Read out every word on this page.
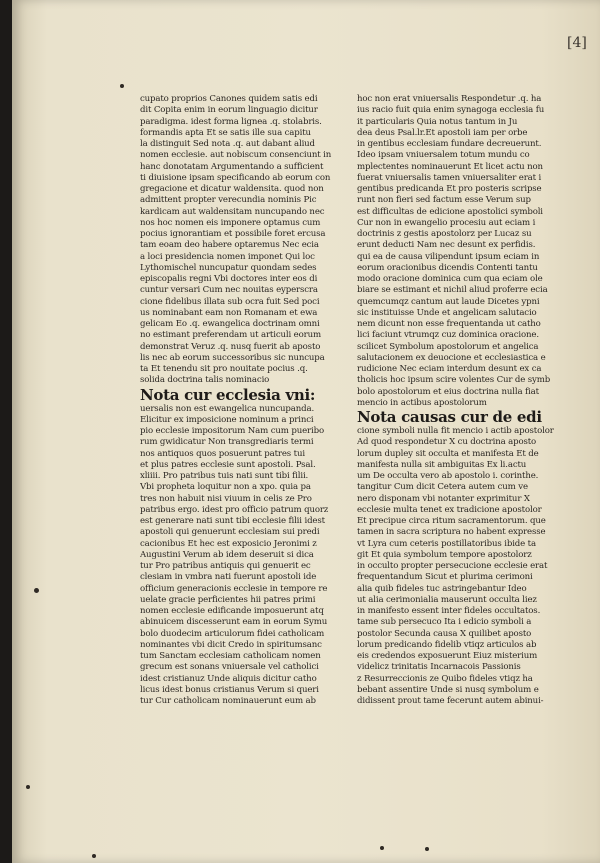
[4]
cupato proprios Canones quidem satis edi
dit Copita enim in eorum linguagio dicitur
paradigma. idest forma lignea .q. stolabris.
formandis apta Et se satis ille sua capitu
la distinguit Sed nota .q. aut dabant aliud
nomen ecclesie. aut nobiscum consenciunt in
hanc donotatam Argumentando a sufficient
ti diuisione ipsam specificando ab eorum con
gregacione et dicatur waldensita. quod non
admittent propter verecundia nominis Pic
kardicam aut waldensitam nuncupando nec
nos hoc nomen eis imponere optamus cum
pocius ignorantiam et possibile foret ercusa
tam eoam deo habere optaremus Nec ecia
a loci presidencia nomen imponet Qui loc
Lythomischel nuncupatur quondam sedes
episcopalis regni Vbi doctores inter eos di
cuntur versari Cum nec nouitas eyperscra
cione fidelibus illata sub ocra fuit Sed poci
us nominabant eam non Romanam et ewa
gelicam Eo .q. ewangelica doctrinam omni
no estimant preferendam ut articuli eorum
demonstrat Veruz .q. nusq fuerit ab aposto
lis nec ab eorum successoribus sic nuncupa
ta Et tenendu sit pro nouitate pocius .q.
solida doctrina talis nominacio
Nota cur ecclesia vni:
uersalis non est ewangelica nuncupanda.
Elicitur ex imposicione nominum a princi
pio ecclesie impositorum Nam cum pueribo
rum gwidicatur Non transgrediaris termi
nos antiquos quos posuerunt patres tui
et plus patres ecclesie sunt apostoli. Psal.
xliiii. Pro patribus tuis nati sunt tibi filii.
Vbi propheta loquitur non a xpo. quia pa
tres non habuit nisi viuum in celis ze Pro
patribus ergo. idest pro officio patrum quorz
est generare nati sunt tibi ecclesie filii idest
apostoli qui genuerunt ecclesiam sui predi
cacionibus Et hec est exposicio Jeronimi z
Augustini Verum ab idem deseruit si dica
tur Pro patribus antiquis qui genuerit ec
clesiam in vmbra nati fuerunt apostoli ide
officium generacionis ecclesie in tempore re
uelate gracie perficientes hii patres primi
nomen ecclesie edificande imposuerunt atq
abinuicem discesserunt eam in eorum Symu
bolo duodecim articulorum fidei catholicam
nominantes vbi dicit Credo in spiritumsanc
tum Sanctam ecclesiam catholicam nomen
grecum est sonans vniuersale vel catholici
idest cristianuz Unde aliquis dicitur catho
licus idest bonus cristianus Verum si queri
tur Cur catholicam nominauerunt eum ab
hoc non erat vniuersalis Respondetur .q. ha
ius racio fuit quia enim synagoga ecclesia fu
it particularis Quia notus tantum in Ju
dea deus Psal.lr.Et apostoli iam per orbe
in gentibus ecclesiam fundare decreuerunt.
Ideo ipsam vniuersalem totum mundu co
mplectentes nominauerunt Et licet actu non
fuerat vniuersalis tamen vniuersaliter erat i
gentibus predicanda Et pro posteris scripse
runt non fieri sed factum esse Verum sup
est difficultas de edicione apostolici symboli
Cur non in ewangelio procesiu aut eciam i
doctrinis z gestis apostolorz per Lucaz su
erunt deducti Nam nec desunt ex perfidis.
qui ea de causa vilipendunt ipsum eciam in
eorum oracionibus dicendis Contenti tantu
modo oracione dominica cum qua eciam ole
biare se estimant et nichil aliud proferre ecia
quemcumqz cantum aut laude Dicetes ypni
sic instituisse Unde et angelicam salutacio
nem dicunt non esse frequentanda ut catho
lici faciunt vtrumqz cuz dominica oracione.
scilicet Symbolum apostolorum et angelica
salutacionem ex deuocione et ecclesiastica e
rudicione Nec eciam interdum desunt ex ca
tholicis hoc ipsum scire volentes Cur de symb
bolo apostolorum et eius doctrina nulla fiat
mencio in actibus apostolorum
Nota causas cur de edi
cione symboli nulla fit mencio i actib apostolor
Ad quod respondetur X cu doctrina aposto
lorum dupley sit occulta et manifesta Et de
manifesta nulla sit ambiguitas Ex li.actu
um De occulta vero ab apostolo i. corinthe.
tangitur Cum dicit Cetera autem cum ve
nero disponam vbi notanter exprimitur X
ecclesie multa tenet ex tradicione apostolor
Et precipue circa ritum sacramentorum. que
tamen in sacra scriptura no habent expresse
vt Lyra cum ceteris postillatoribus ibide ta
git Et quia symbolum tempore apostolorz
in occulto propter persecucione ecclesie erat
frequentandum Sicut et plurima cerimoni
alia quib fideles tuc astringebantur Ideo
ut alia cerimonialia mauserunt occulta liez
in manifesto essent inter fideles occultatos.
tame sub persecuco Ita i edicio symboli a
postolor Secunda causa X quilibet aposto
lorum predicando fidelib vtiqz articulos ab
eis credendos exposuerunt Eiuz misterium
videlicz trinitatis Incarnacois Passionis
z Resurreccionis ze Quibo fideles vtiqz ha
bebant assentire Unde si nusq symbolum e
didissent prout tame fecerunt autem abinui-
